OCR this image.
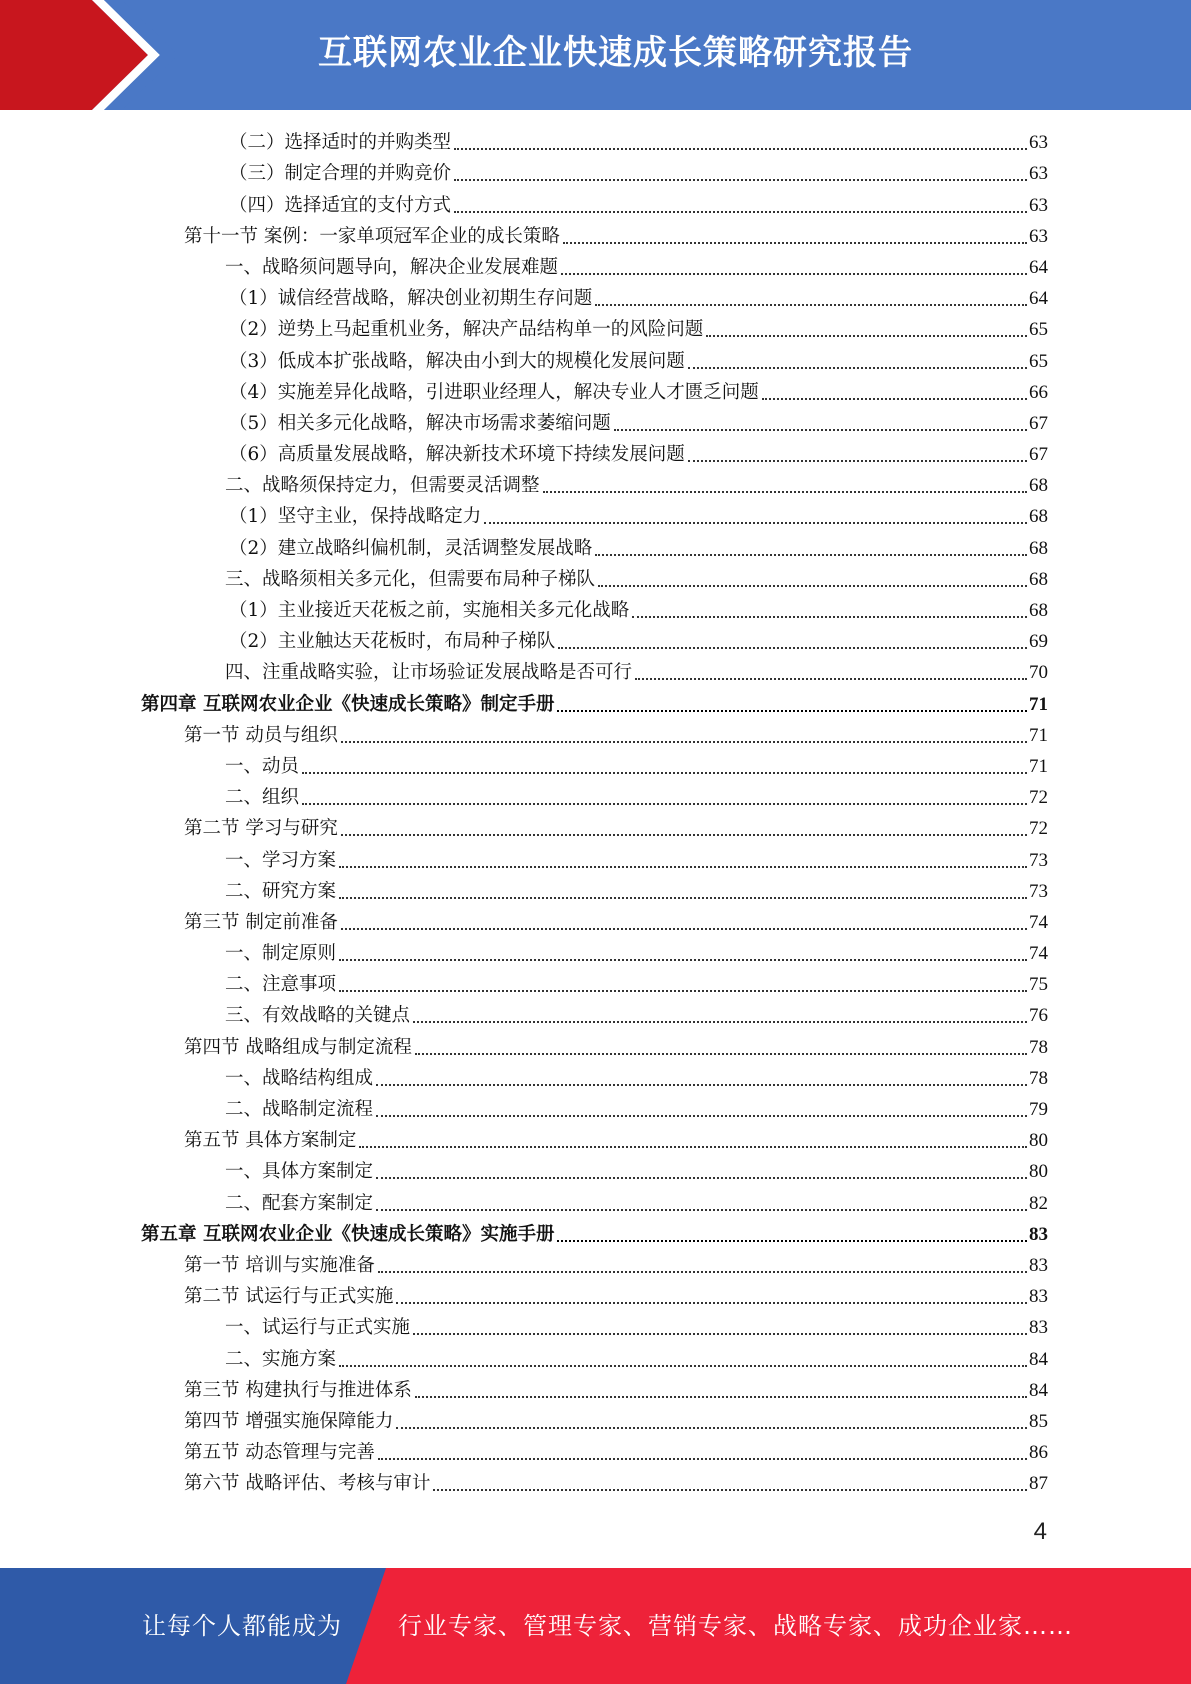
互联网农业企业快速成长策略研究报告
（二）选择适时的并购类型	63
（三）制定合理的并购竞价	63
（四）选择适宜的支付方式	63
第十一节 案例：一家单项冠军企业的成长策略	63
一、战略须问题导向，解决企业发展难题	64
（1）诚信经营战略，解决创业初期生存问题	64
（2）逆势上马起重机业务，解决产品结构单一的风险问题	65
（3）低成本扩张战略，解决由小到大的规模化发展问题	65
（4）实施差异化战略，引进职业经理人，解决专业人才匮乏问题	66
（5）相关多元化战略，解决市场需求萎缩问题	67
（6）高质量发展战略，解决新技术环境下持续发展问题	67
二、战略须保持定力，但需要灵活调整	68
（1）坚守主业，保持战略定力	68
（2）建立战略纠偏机制，灵活调整发展战略	68
三、战略须相关多元化，但需要布局种子梯队	68
（1）主业接近天花板之前，实施相关多元化战略	68
（2）主业触达天花板时，布局种子梯队	69
四、注重战略实验，让市场验证发展战略是否可行	70
第四章 互联网农业企业《快速成长策略》制定手册	71
第一节 动员与组织	71
一、动员	71
二、组织	72
第二节 学习与研究	72
一、学习方案	73
二、研究方案	73
第三节 制定前准备	74
一、制定原则	74
二、注意事项	75
三、有效战略的关键点	76
第四节 战略组成与制定流程	78
一、战略结构组成	78
二、战略制定流程	79
第五节 具体方案制定	80
一、具体方案制定	80
二、配套方案制定	82
第五章 互联网农业企业《快速成长策略》实施手册	83
第一节 培训与实施准备	83
第二节 试运行与正式实施	83
一、试运行与正式实施	83
二、实施方案	84
第三节 构建执行与推进体系	84
第四节 增强实施保障能力	85
第五节 动态管理与完善	86
第六节 战略评估、考核与审计	87
4
让每个人都能成为 行业专家、管理专家、营销专家、战略专家、成功企业家……
